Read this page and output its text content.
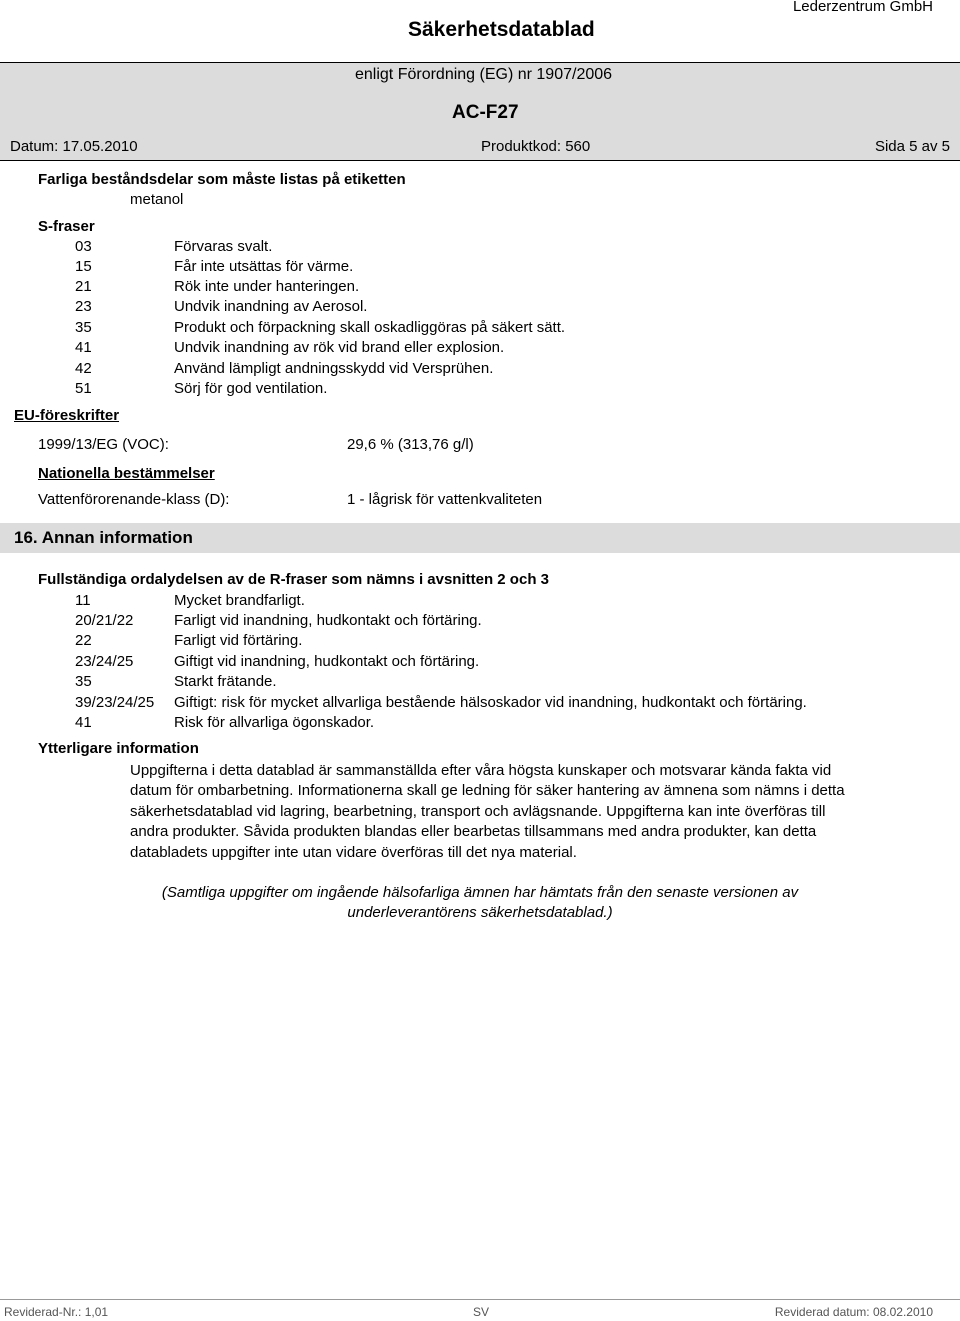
Säkerhetsdatablad
Lederzentrum GmbH
enligt Förordning (EG) nr 1907/2006
AC-F27
Datum: 17.05.2010	Produktkod: 560	Sida 5 av 5
Farliga beståndsdelar som måste listas på etiketten
metanol
S-fraser
03	Förvaras svalt.
15	Får inte utsättas för värme.
21	Rök inte under hanteringen.
23	Undvik inandning av Aerosol.
35	Produkt och förpackning skall oskadliggöras på säkert sätt.
41	Undvik inandning av rök vid brand eller explosion.
42	Använd lämpligt andningsskydd vid Versprühen.
51	Sörj för god ventilation.
EU-föreskrifter
1999/13/EG (VOC):	29,6 % (313,76 g/l)
Nationella bestämmelser
Vattenförorenande-klass (D):	1 - lågrisk för vattenkvaliteten
16. Annan information
Fullständiga ordalydelsen av de R-fraser som nämns i avsnitten 2 och 3
11	Mycket brandfarligt.
20/21/22	Farligt vid inandning, hudkontakt och förtäring.
22	Farligt vid förtäring.
23/24/25	Giftigt vid inandning, hudkontakt och förtäring.
35	Starkt frätande.
39/23/24/25 Giftigt: risk för mycket allvarliga bestående hälsoskador vid inandning, hudkontakt och förtäring.
41	Risk för allvarliga ögonskador.
Ytterligare information
Uppgifterna i detta datablad är sammanställda efter våra högsta kunskaper och motsvarar kända fakta vid datum för ombarbetning. Informationerna skall ge ledning för säker hantering av ämnena som nämns i detta säkerhetsdatablad vid lagring, bearbetning, transport och avlägsnande. Uppgifterna kan inte överföras till andra produkter. Såvida produkten blandas eller bearbetas tillsammans med andra produkter, kan detta databladets uppgifter inte utan vidare överföras till det nya material.
(Samtliga uppgifter om ingående hälsofarliga ämnen har hämtats från den senaste versionen av underleverantörens säkerhetsdatablad.)
Reviderad-Nr.: 1,01	SV	Reviderad datum: 08.02.2010
